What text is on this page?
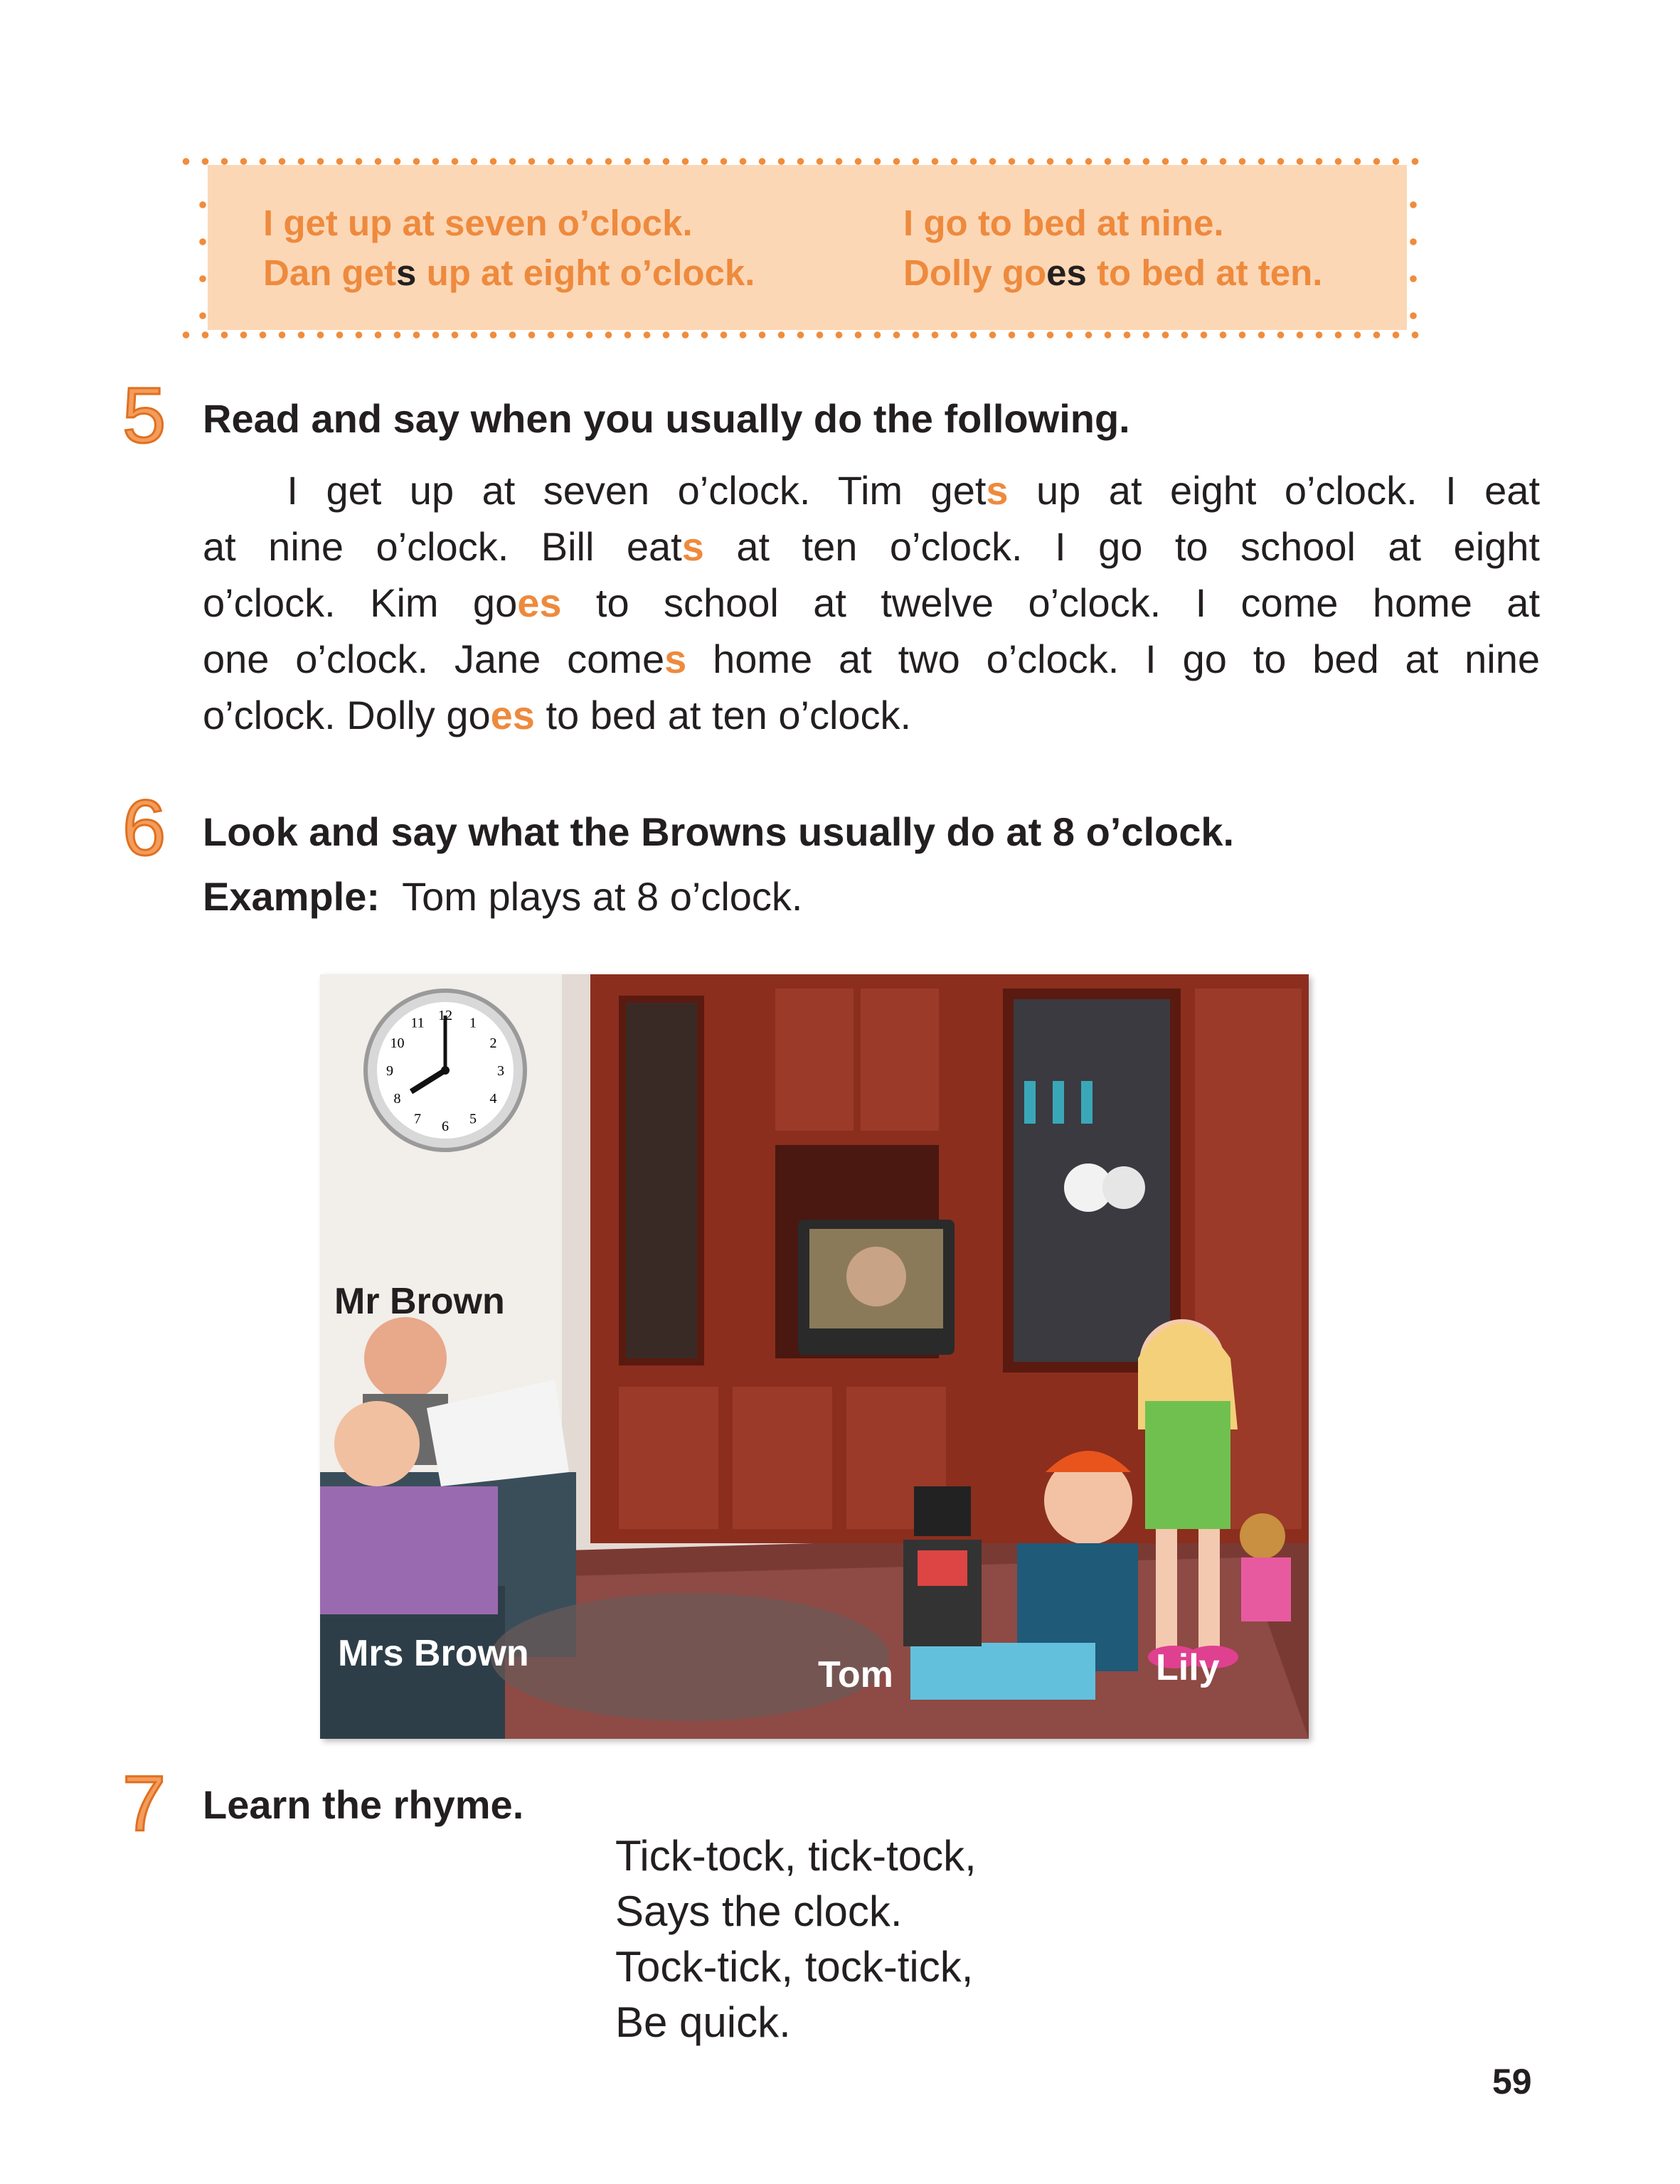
I get up at seven o’clock.	I go to bed at nine.
Dan gets up at eight o’clock.	Dolly goes to bed at ten.
5 Read and say when you usually do the following.
I get up at seven o’clock. Tim gets up at eight o’clock. I eat
at nine o’clock. Bill eats at ten o’clock. I go to school at eight
o’clock. Kim goes to school at twelve o’clock. I come home at
one o’clock. Jane comes home at two o’clock. I go to bed at nine
o’clock. Dolly goes to bed at ten o’clock.
6 Look and say what the Browns usually do at 8 o’clock.
Example: Tom plays at 8 o’clock.
12 1
2
3
4
5
6
7
8
9
10
11
Mr Brown
Mrs Brown
Tom	Lily
7 Learn the rhyme.
Tick-tock, tick-tock,
Says the clock.
Tock-tick, tock-tick,
Be quick.
59
